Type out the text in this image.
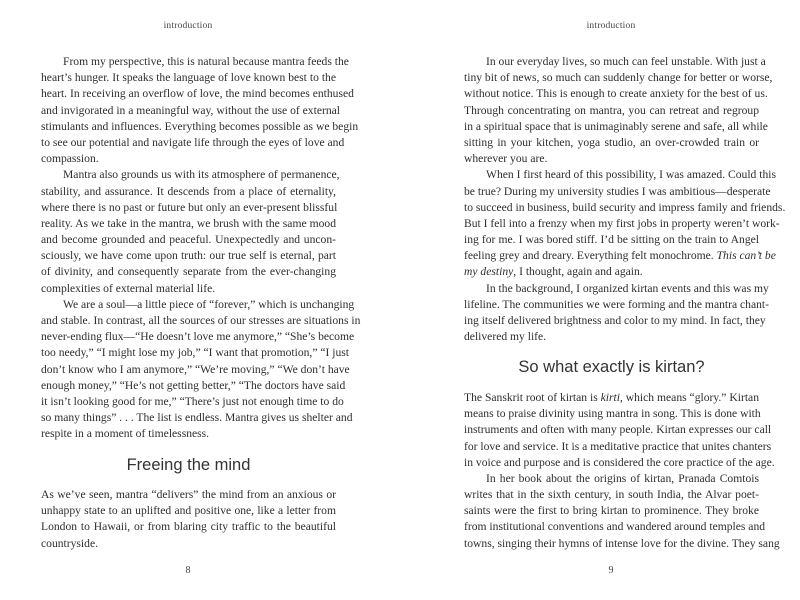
introduction
From my perspective, this is natural because mantra feeds the
heart’s hunger. It speaks the language of love known best to the
heart. In receiving an overflow of love, the mind becomes enthused
and invigorated in a meaningful way, without the use of external
stimulants and influences. Everything becomes possible as we begin
to see our potential and navigate life through the eyes of love and
compassion.
Mantra also grounds us with its atmosphere of permanence,
stability, and assurance. It descends from a place of eternality,
where there is no past or future but only an ever-present blissful
reality. As we take in the mantra, we brush with the same mood
and become grounded and peaceful. Unexpectedly and uncon-
sciously, we have come upon truth: our true self is eternal, part
of divinity, and consequently separate from the ever-changing
complexities of external material life.
We are a soul—a little piece of “forever,” which is unchanging
and stable. In contrast, all the sources of our stresses are situations in
never-ending flux—“He doesn’t love me anymore,” “She’s become
too needy,” “I might lose my job,” “I want that promotion,” “I just
don’t know who I am anymore,” “We’re moving,” “We don’t have
enough money,” “He’s not getting better,” “The doctors have said
it isn’t looking good for me,” “There’s just not enough time to do
so many things” . . . The list is endless. Mantra gives us shelter and
respite in a moment of timelessness.
Freeing the mind
As we’ve seen, mantra “delivers” the mind from an anxious or
unhappy state to an uplifted and positive one, like a letter from
London to Hawaii, or from blaring city traffic to the beautiful
countryside.
8
introduction
In our everyday lives, so much can feel unstable. With just a
tiny bit of news, so much can suddenly change for better or worse,
without notice. This is enough to create anxiety for the best of us.
Through concentrating on mantra, you can retreat and regroup
in a spiritual space that is unimaginably serene and safe, all while
sitting in your kitchen, yoga studio, an over-crowded train or
wherever you are.
When I first heard of this possibility, I was amazed. Could this
be true? During my university studies I was ambitious—desperate
to succeed in business, build security and impress family and friends.
But I fell into a frenzy when my first jobs in property weren’t work-
ing for me. I was bored stiff. I’d be sitting on the train to Angel
feeling grey and dreary. Everything felt monochrome. This can’t be
my destiny, I thought, again and again.
In the background, I organized kirtan events and this was my
lifeline. The communities we were forming and the mantra chant-
ing itself delivered brightness and color to my mind. In fact, they
delivered my life.
So what exactly is kirtan?
The Sanskrit root of kirtan is kirti, which means “glory.” Kirtan
means to praise divinity using mantra in song. This is done with
instruments and often with many people. Kirtan expresses our call
for love and service. It is a meditative practice that unites chanters
in voice and purpose and is considered the core practice of the age.
In her book about the origins of kirtan, Pranada Comtois
writes that in the sixth century, in south India, the Alvar poet-
saints were the first to bring kirtan to prominence. They broke
from institutional conventions and wandered around temples and
towns, singing their hymns of intense love for the divine. They sang
9
